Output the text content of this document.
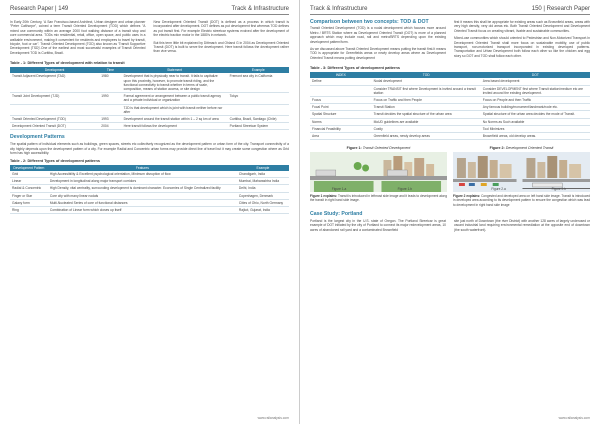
Research Paper | 149	Track & Infrastructure

In Early 20th Century, 'A San Francisco-based Architect, Urban designer and urban planner "Peter Calthorpe", coined a term Transit Oriented Development (TOD) which defines "A mixed use community within an average 2000 foot walking distance of a transit stop and core commercial area. TODs mix residential, retail, office, open space, and public uses in a walkable environment, making it convenient for residents and employees to travel by transit, bicycle, foot or car". Transit Oriented Development (TOD) also known as 'Transit Supportive Development (TSD)'.One of the earliest and most successful examples of Transit Oriented Development TOD is Curitiba, Brazil.

New Development Oriented Transit (DOT) is defined as a process in which transit is incorporated after development. DOT defines as put development first whereas TOD defines as put transit first. For example Electric streetcar systems evolved after the development of the electric traction motor in the 1880's in network.

But this term little bit explained by Dittmar/c and Ohland G in 2004 as Development Oriented Transit (DOT) is built to serve the development. Here transit follows the development rather than vice versa.

Table - 1: Different Types of development with relation to transit
Development	Time	Statement	Example
Transit Adjacent Development (TAD)	1980	Development that is physically near to transit. It fails to capitalize upon this proximity, however, to promote transit riding, and the functional connectivity to transit whether in terms of scale, composition, means of station access, or site design	Fremont sea city in California
Transit Joint Development (TJD)	1990	Formal agreement or arrangement between a public transit agency and a private individual or organization	Tokyo
		TJD is that development which is joint with transit neither before nor after	
Transit Oriented Development (TOD)	1993	Development around the transit station within 1 – 2 sq km of area	Curitiba, Brazil, Santiago (Chile)
Development Oriented Transit (DOT)	2004	Here transit follows the development	Portland Streetcar System
Development Patterns
The spatial pattern of individual elements such as buildings, green spaces, streets etc collectively recognized as the development pattern or urban form of the city. Transport connectivity of a city highly depends upon the development pattern of a city. For example Radial and Concentric urban forms may provide direct line of travel but it may create some congestion where as Grid form has high accessibility.
Table - 2: Different Types of development patterns
Development Pattern	Features	Example
Grid	High Accessibility & Excellent psychological orientation, Minimum disruption of flow	Chandigarh, India
Linear	Development in longitudinal along major transport corridors	Mumbai, Maharashtra India
Radial & Concentric	High Density, vital centrality, surrounding development is dominant character. Economies of Single Centralized facility	Delhi, India
Finger or Star	Core city with many linear nodals	Copenhagen, Denmark
Galaxy form	Multi-Nucleated Series of core of functional distances	Cities of Ohio, North Germany
Ring	Combination of Linear form which closes up itself	Rajkot, Gujarat, India
www.railanalysis.com
Track & Infrastructure	150 | Research Paper
Comparison between two concepts: TOD & DOT

Transit Oriented Development (TOD) is a nodal development which focuses more around Metro / BRTS Station where as Development Oriented Transit (DOT) is more of a planned approach which may include road, rail and metro/BRTS depending upon the existing development pattern/form.

As we discussed above Transit Oriented Development means putting the transit first.It means TOD is appropriate for Greenfields areas or newly develop areas where as Development Oriented Transit means putting development

first it means this shall be appropriate for existing areas such as Brownfield areas, areas with very high density, very old areas etc. Both Transit Oriented Development and Development Oriented Transit focus on creating vibrant, livable and sustainable communities.

Mixed-use communities which should oriented to Pedestrian and Non-Motorized Transport.In Development Oriented Transit shall more focus on sustainable mobility, use of public transport, non-motorized transport incorporated in existing developed patterns. Transportation and Urban Development both follow each other so like the chicken and egg story so DOT and TOD shall follow each other.

Table - 3: Different Types of development patterns
INDEX	TOD	DOT
Define	Nodal development	Area based development
	Consider TRANSIT first where Development is invited around a transit station	Consider DEVELOPMENT first where Transit station/medium etc are invited around the existing development.
Focus	Focus on Traffic and then People	Focus on People and then Traffic
Focal Point	Transit Station	Any famous building/monument/landmark/node etc.
Spatial Structure	Transit decides the spatial structure of the urban area	Spatial structure of the urban area decides the mode of Transit.
Norms	MoUD guidelines are available	No Norms as Such available
Financial Feasibility	Costly	Tool Minimizes
Area	Greenfield areas, newly develop areas	Brownfield areas, old develop areas.
Figure 1: Transit Oriented Development	Figure 2: Development Oriented Transit
Figure 1.a	Figure 1.b	Figure 2.a	Figure 2.b
Figure 1 explains: Transit is introduced in leftmost side image and it leads to development along the transit in right hand side image.
Figure 2 explains: Congested and developed area on left hand side image. Transit is introduced in developed area according to its development pattern to ensure the congestion which was lead to development in right hand side image
Case Study: Portland
Portland is the largest city in the U.S. state of Oregon. The Portland Streetcar is great example of DOT initiated by the city of Portland to connect its major redevelopment areas, 10 acres of abandoned rail yard and a contaminated Brownfield
site just north of Downtown (the river District) with another 128 acres of largely underused or vacant industrial land requiring environmental remediation at the opposite end of downtown (the south waterfront).
www.railanalysis.com
